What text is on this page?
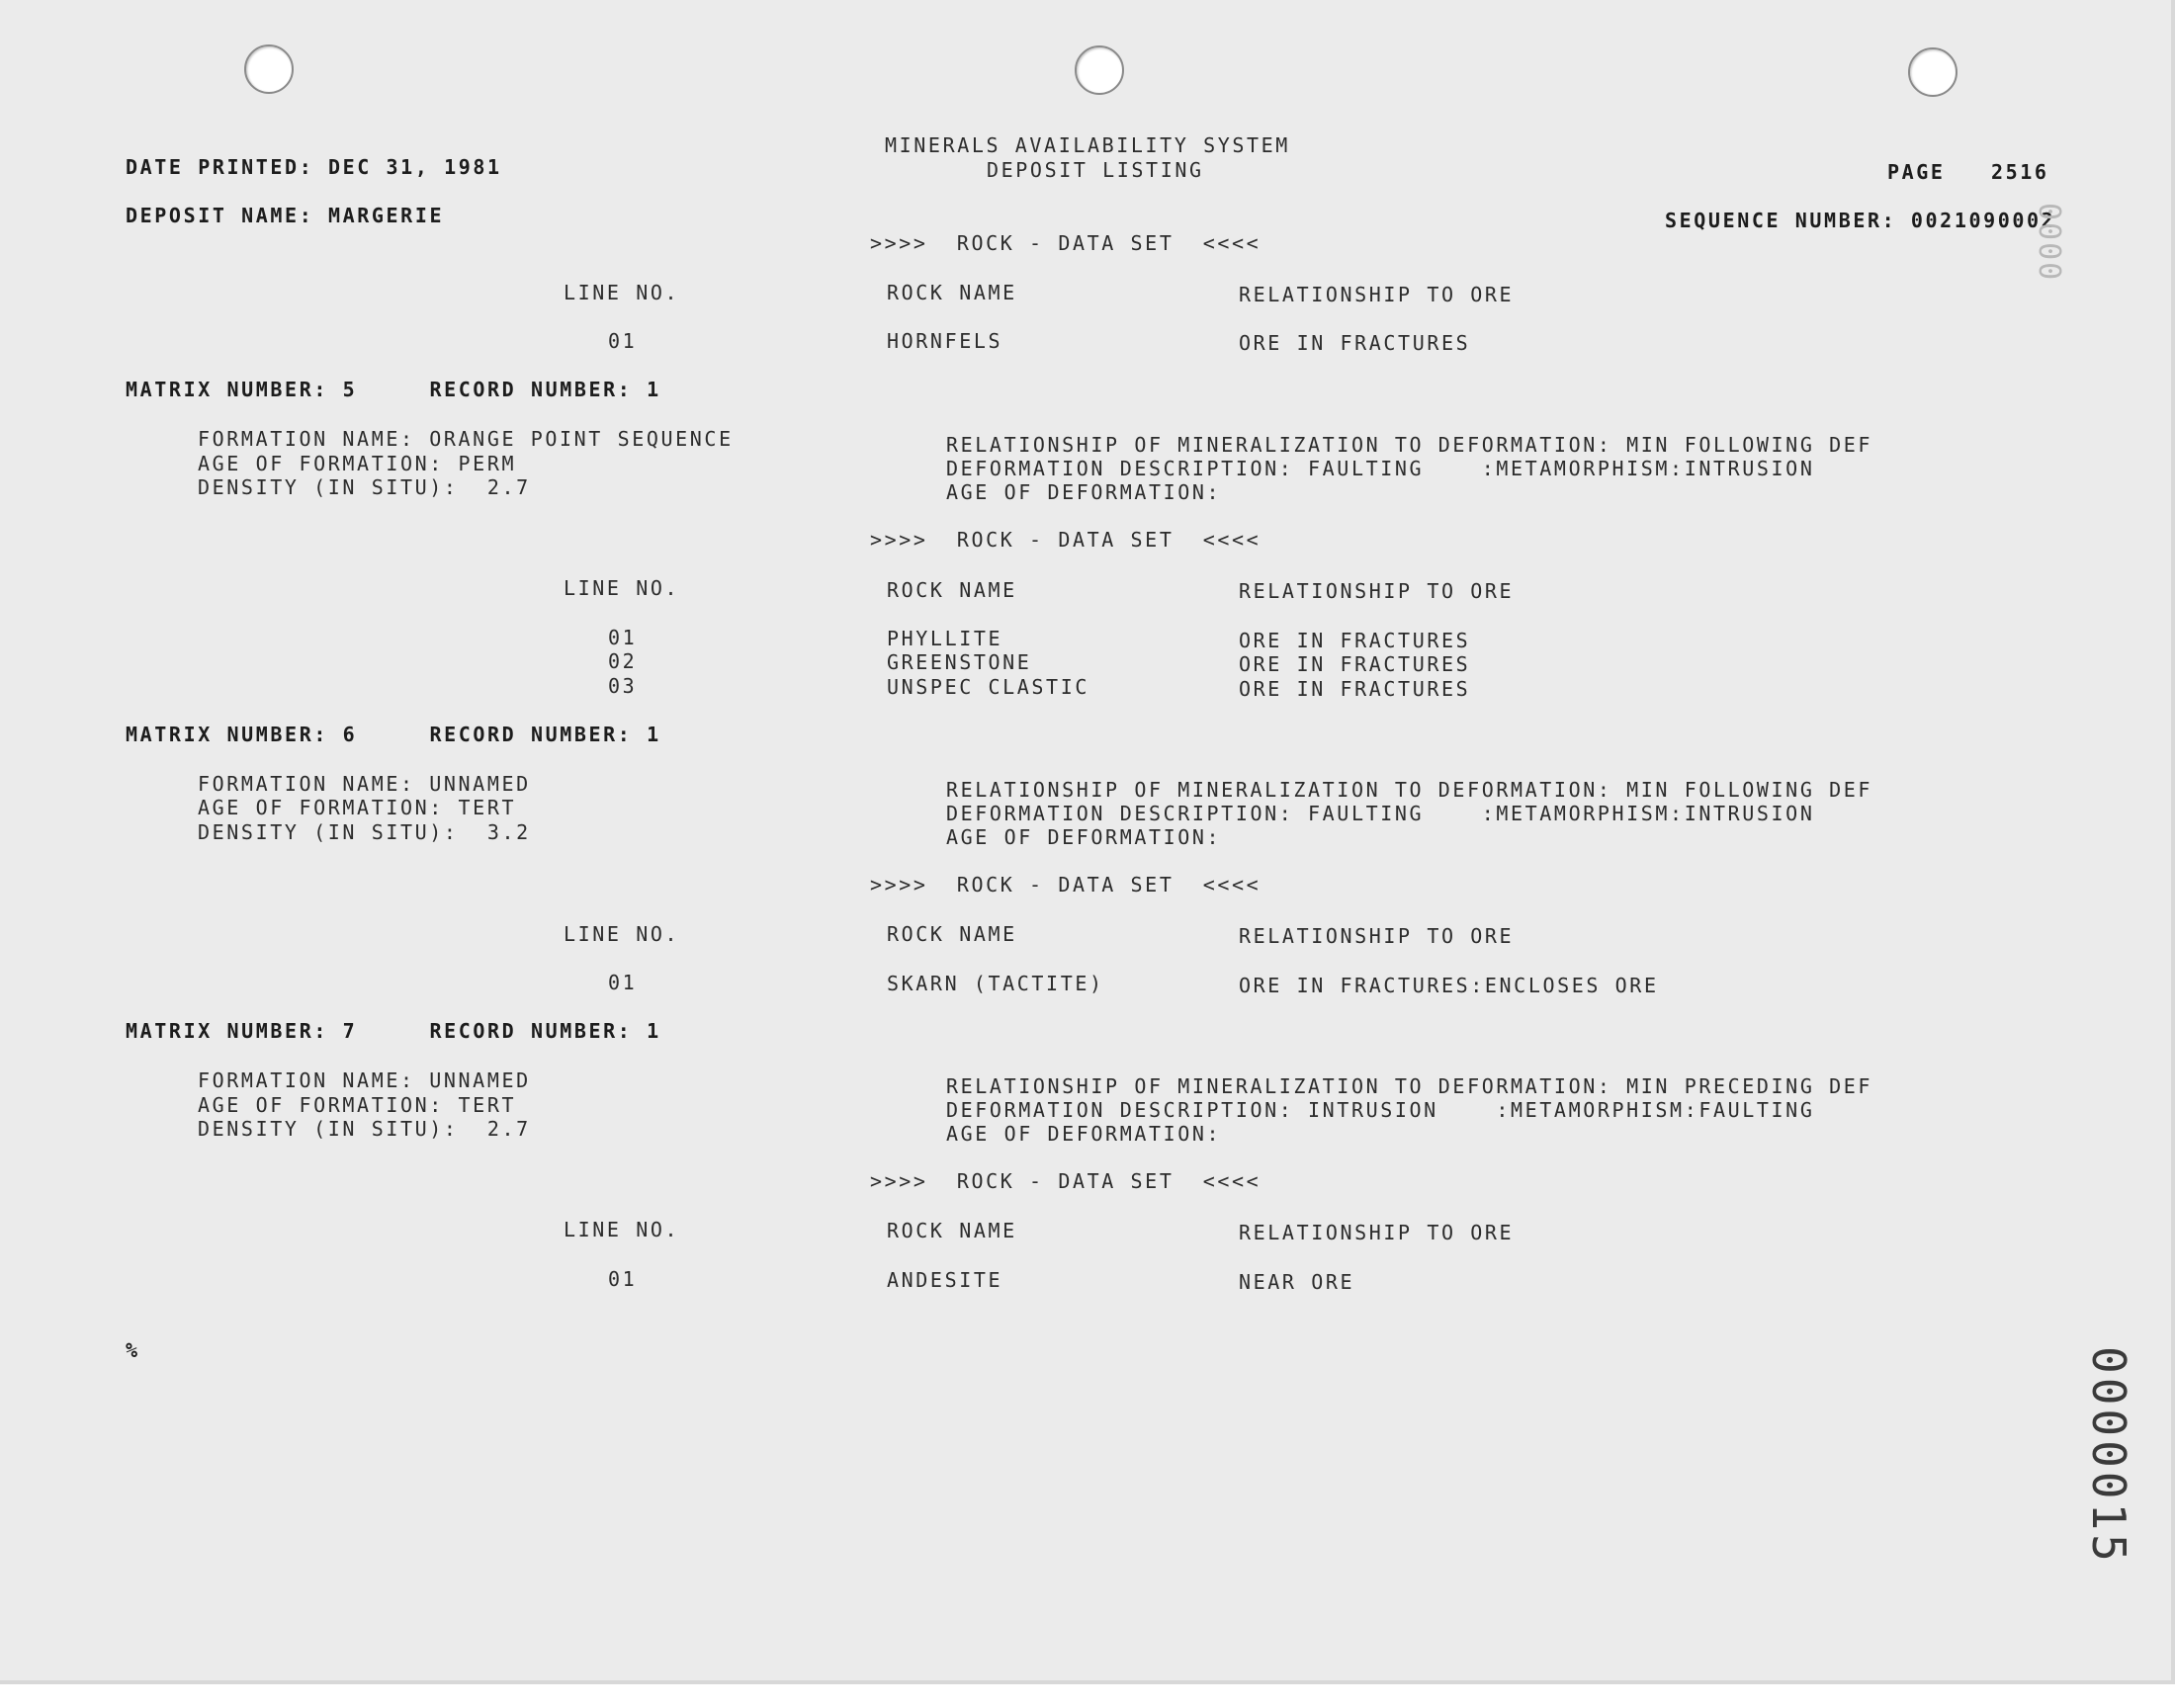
MINERALS AVAILABILITY SYSTEM
DEPOSIT LISTING
DATE PRINTED: DEC 31, 1981	PAGE 2516
DEPOSIT NAME: MARGERIE	SEQUENCE NUMBER: 0021090002
>>>>  ROCK - DATA SET  <<<<
LINE NO.	ROCK NAME	RELATIONSHIP TO ORE
01	HORNFELS	ORE IN FRACTURES
MATRIX NUMBER: 5     RECORD NUMBER: 1
FORMATION NAME: ORANGE POINT SEQUENCE
AGE OF FORMATION: PERM
DENSITY (IN SITU):  2.7
RELATIONSHIP OF MINERALIZATION TO DEFORMATION: MIN FOLLOWING DEF
DEFORMATION DESCRIPTION: FAULTING    :METAMORPHISM:INTRUSION
AGE OF DEFORMATION:
>>>>  ROCK - DATA SET  <<<<
LINE NO.	ROCK NAME	RELATIONSHIP TO ORE
01	PHYLLITE	ORE IN FRACTURES
02	GREENSTONE	ORE IN FRACTURES
03	UNSPEC CLASTIC	ORE IN FRACTURES
MATRIX NUMBER: 6     RECORD NUMBER: 1
FORMATION NAME: UNNAMED
AGE OF FORMATION: TERT
DENSITY (IN SITU):  3.2
RELATIONSHIP OF MINERALIZATION TO DEFORMATION: MIN FOLLOWING DEF
DEFORMATION DESCRIPTION: FAULTING    :METAMORPHISM:INTRUSION
AGE OF DEFORMATION:
>>>>  ROCK - DATA SET  <<<<
LINE NO.	ROCK NAME	RELATIONSHIP TO ORE
01	SKARN (TACTITE)	ORE IN FRACTURES:ENCLOSES ORE
MATRIX NUMBER: 7     RECORD NUMBER: 1
FORMATION NAME: UNNAMED
AGE OF FORMATION: TERT
DENSITY (IN SITU):  2.7
RELATIONSHIP OF MINERALIZATION TO DEFORMATION: MIN PRECEDING DEF
DEFORMATION DESCRIPTION: INTRUSION    :METAMORPHISM:FAULTING
AGE OF DEFORMATION:
>>>>  ROCK - DATA SET  <<<<
LINE NO.	ROCK NAME	RELATIONSHIP TO ORE
01	ANDESITE	NEAR ORE
%	0000015
0000
